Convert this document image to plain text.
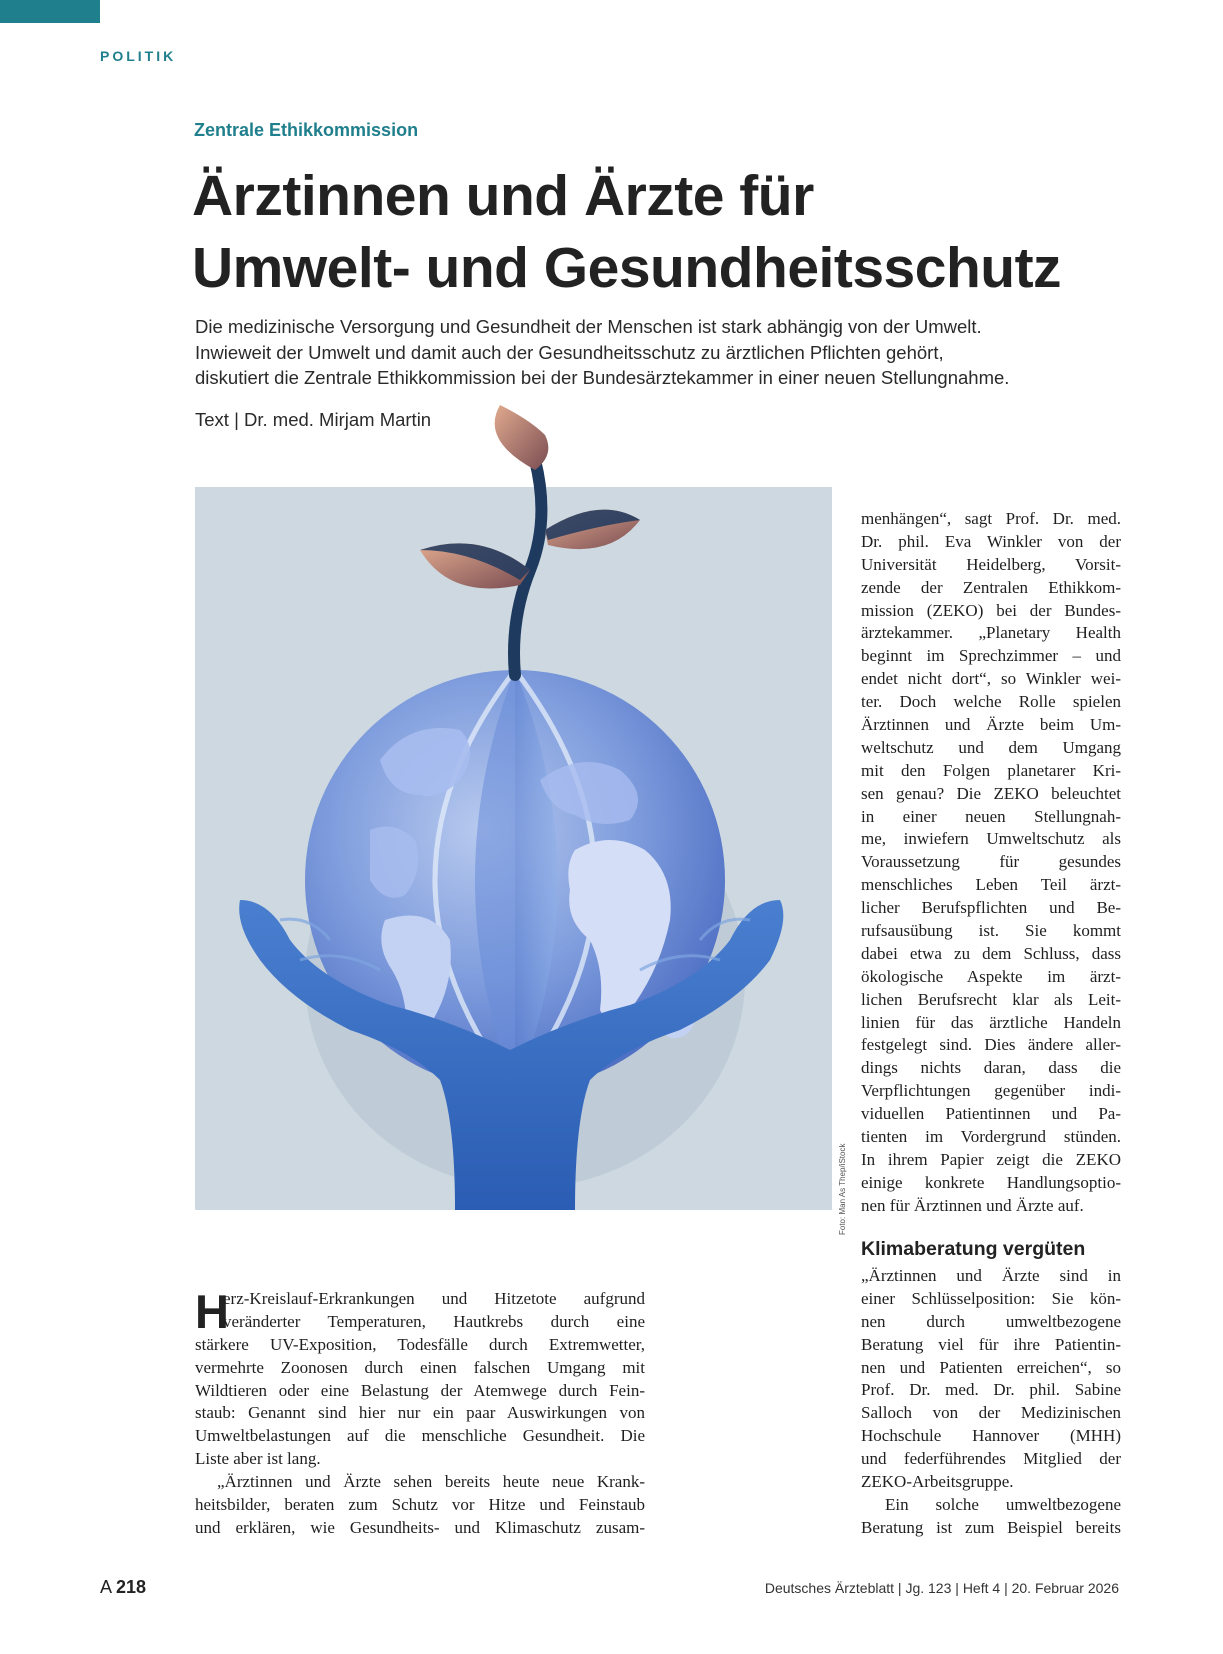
POLITIK
Zentrale Ethikkommission
Ärztinnen und Ärzte für
Umwelt- und Gesundheitsschutz
Die medizinische Versorgung und Gesundheit der Menschen ist stark abhängig von der Umwelt.
Inwieweit der Umwelt und damit auch der Gesundheitsschutz zu ärztlichen Pflichten gehört,
diskutiert die Zentrale Ethikkommission bei der Bundesärztekammer in einer neuen Stellungnahme.
Text | Dr. med. Mirjam Martin
Foto: Man As Thep/iStock
menhängen“, sagt Prof. Dr. med.
Dr. phil. Eva Winkler von der
Universität Heidelberg, Vorsit-
zende der Zentralen Ethikkom-
mission (ZEKO) bei der Bundes-
ärztekammer. „Planetary Health
beginnt im Sprechzimmer – und
endet nicht dort“, so Winkler wei-
ter. Doch welche Rolle spielen
Ärztinnen und Ärzte beim Um-
weltschutz und dem Umgang
mit den Folgen planetarer Kri-
sen genau? Die ZEKO beleuchtet
in einer neuen Stellungnah-
me, inwiefern Umweltschutz als
Voraussetzung für gesundes
menschliches Leben Teil ärzt-
licher Berufspflichten und Be-
rufsausübung ist. Sie kommt
dabei etwa zu dem Schluss, dass
ökologische Aspekte im ärzt-
lichen Berufsrecht klar als Leit-
linien für das ärztliche Handeln
festgelegt sind. Dies ändere aller-
dings nichts daran, dass die
Verpflichtungen gegenüber indi-
viduellen Patientinnen und Pa-
tienten im Vordergrund stünden.
In ihrem Papier zeigt die ZEKO
einige konkrete Handlungsoptio-
nen für Ärztinnen und Ärzte auf.
Klimaberatung vergüten
„Ärztinnen und Ärzte sind in
einer Schlüsselposition: Sie kön-
nen durch umweltbezogene
Beratung viel für ihre Patientin-
nen und Patienten erreichen“, so
Prof. Dr. med. Dr. phil. Sabine
Salloch von der Medizinischen
Hochschule Hannover (MHH)
und federführendes Mitglied der
ZEKO-Arbeitsgruppe.
Ein solche umweltbezogene
Beratung ist zum Beispiel bereits
H
erz-Kreislauf-Erkrankungen und Hitzetote aufgrund
veränderter Temperaturen, Hautkrebs durch eine
stärkere UV-Exposition, Todesfälle durch Extremwetter,
vermehrte Zoonosen durch einen falschen Umgang mit
Wildtieren oder eine Belastung der Atemwege durch Fein-
staub: Genannt sind hier nur ein paar Auswirkungen von
Umweltbelastungen auf die menschliche Gesundheit. Die
Liste aber ist lang.
„Ärztinnen und Ärzte sehen bereits heute neue Krank-
heitsbilder, beraten zum Schutz vor Hitze und Feinstaub
und erklären, wie Gesundheits- und Klimaschutz zusam-
A 218	Deutsches Ärzteblatt | Jg. 123 | Heft 4 | 20. Februar 2026
